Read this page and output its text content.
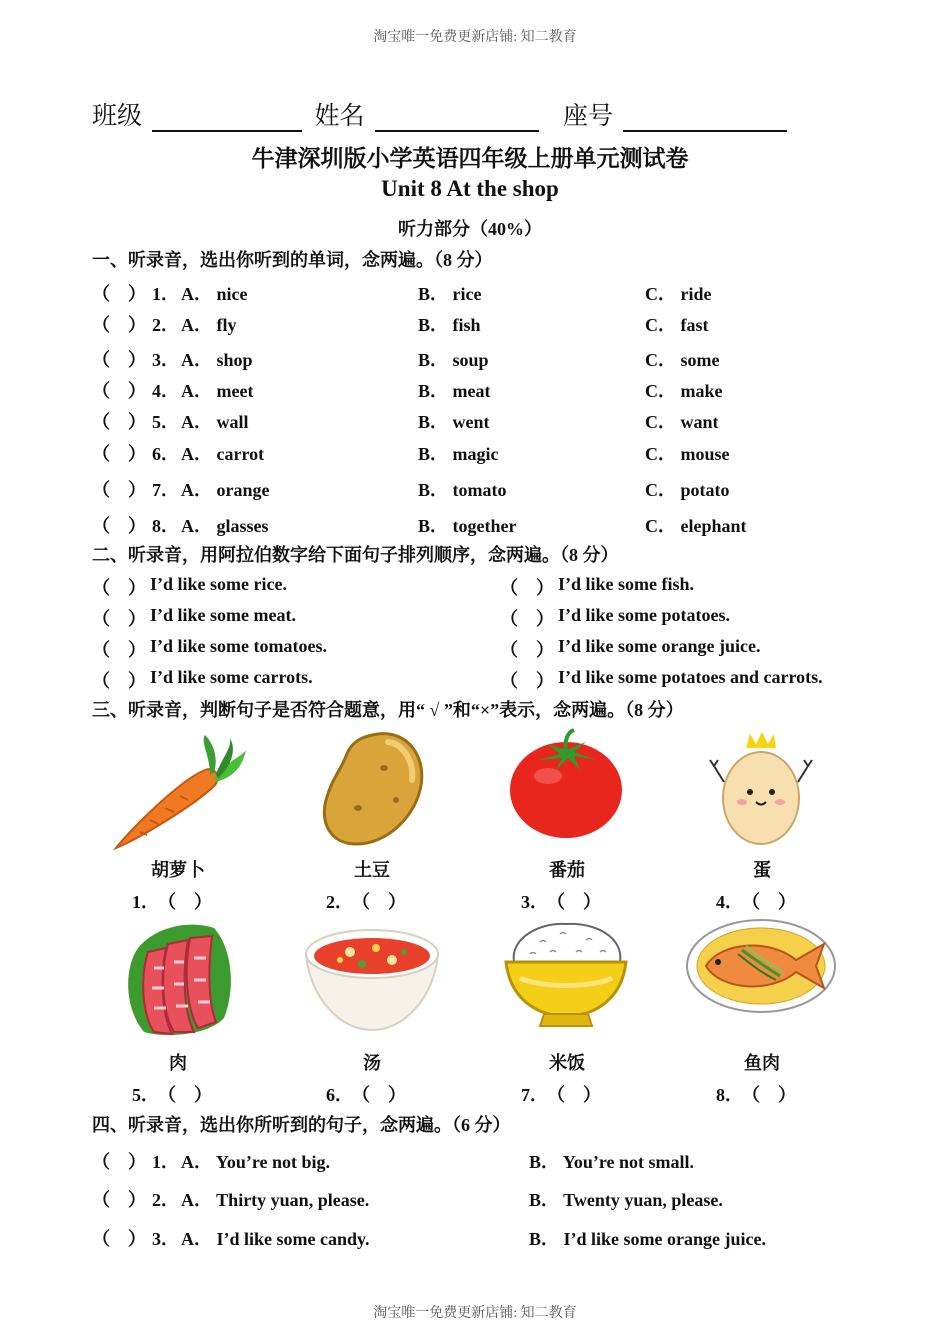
淘宝唯一免费更新店铺: 知二教育
班级	姓名	座号
牛津深圳版小学英语四年级上册单元测试卷
Unit 8 At the shop
听力部分（40%）
一、听录音，选出你听到的单词，念两遍。（8 分）
（　） 1． A． nice	B． rice	C． ride
（　） 2． A． fly	B． fish	C． fast
（　） 3． A． shop	B． soup	C． some
（　） 4． A． meet	B． meat	C． make
（　） 5． A． wall	B． went	C． want
（　） 6． A． carrot	B． magic	C． mouse
（　） 7． A． orange	B． tomato	C． potato
（　） 8． A． glasses	B． together	C． elephant
二、听录音，用阿拉伯数字给下面句子排列顺序，念两遍。（8 分）
（　） I’d like some rice.	（　） I’d like some fish.
（　） I’d like some meat.	（　） I’d like some potatoes.
（　） I’d like some tomatoes.	（　） I’d like some orange juice.
（　） I’d like some carrots.	（　） I’d like some potatoes and carrots.
三、听录音，判断句子是否符合题意，用“ √ ”和“×”表示，念两遍。（8 分）
胡萝卜
1． （　）
土豆
2． （　）
番茄
3． （　）
蛋
4． （　）
肉
5． （　）
汤
6． （　）
米饭
7． （　）
鱼肉
8． （　）
四、听录音，选出你所听到的句子，念两遍。（6 分）
（　） 1． A． You’re not big.	B． You’re not small.
（　） 2． A． Thirty yuan, please.	B． Twenty yuan, please.
（　） 3． A． I’d like some candy.	B． I’d like some orange juice.
淘宝唯一免费更新店铺: 知二教育
